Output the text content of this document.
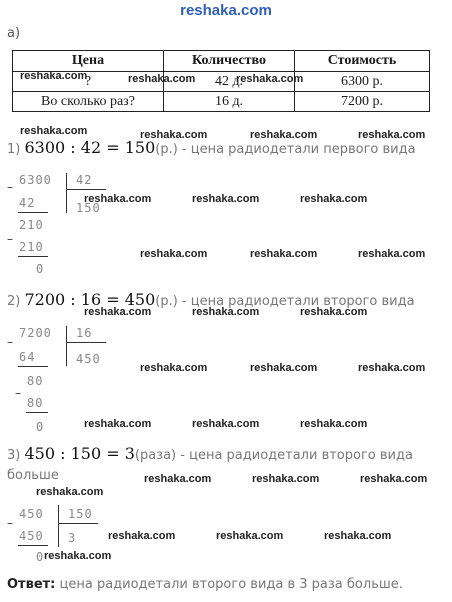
reshaka.com
а)
Цена	Количество	Стоимость
?	42 д.	6300 р.
Во сколько раз?	16 д.	7200 р.
reshaka.com	reshaka.com	reshaka.com
reshaka.com	reshaka.com	reshaka.com	reshaka.com
reshaka.com	reshaka.com	reshaka.com
reshaka.com	reshaka.com	reshaka.com
reshaka.com	reshaka.com	reshaka.com
reshaka.com	reshaka.com	reshaka.com
reshaka.com	reshaka.com	reshaka.com
reshaka.com	reshaka.com	reshaka.com
reshaka.com
reshaka.com	reshaka.com	reshaka.com
reshaka.com
1) 6300 : 42 = 150(р.) - цена радиодетали первого вида
– 6300 42
150
42
–
210
210
0
2) 7200 : 16 = 450(р.) - цена радиодетали второго вида
–
7200 16
450
64
–
80
80
0
3) 450 : 150 = 3(раза) - цена радиодетали второго вида
больше
–
450 150
3
450
0
Ответ: цена радиодетали второго вида в 3 раза больше.
